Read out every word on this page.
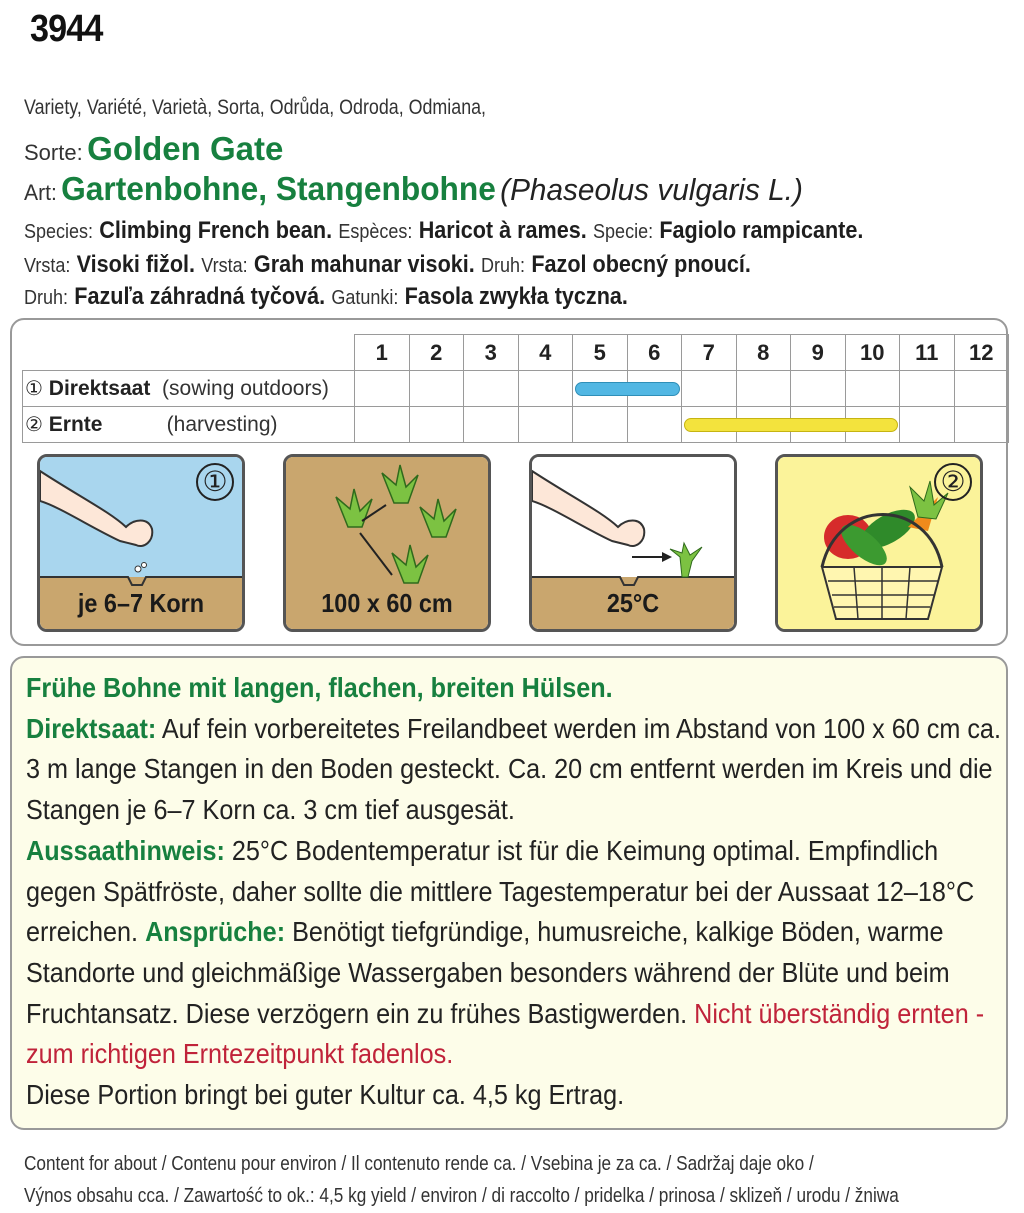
3944
Variety, Variété, Varietà, Sorta, Odrůda, Odroda, Odmiana,
Sorte: Golden Gate
Art: Gartenbohne, Stangenbohne (Phaseolus vulgaris L.)
Species: Climbing French bean. Espèces: Haricot à rames. Specie: Fagiolo rampicante.
Vrsta: Visoki fižol. Vrsta: Grah mahunar visoki. Druh: Fazol obecný pnoucí.
Druh: Fazuľa záhradná tyčová. Gatunki: Fasola zwykła tyczna.
	1	2	3	4	5	6	7	8	9	10	11	12
① Direktsaat (sowing outdoors)												
② Ernte (harvesting)												
①
je 6–7 Korn	100 x 60 cm	25°C
②
Frühe Bohne mit langen, flachen, breiten Hülsen.
Direktsaat: Auf fein vorbereitetes Freilandbeet werden im Abstand von 100 x 60 cm ca. 3 m lange Stangen in den Boden gesteckt. Ca. 20 cm entfernt werden im Kreis und die Stangen je 6–7 Korn ca. 3 cm tief ausgesät.
Aussaathinweis: 25°C Bodentemperatur ist für die Keimung optimal. Empfindlich gegen Spätfröste, daher sollte die mittlere Tagestemperatur bei der Aussaat 12–18°C erreichen. Ansprüche: Benötigt tiefgründige, humusreiche, kalkige Böden, warme Standorte und gleichmäßige Wassergaben besonders während der Blüte und beim Fruchtansatz. Diese verzögern ein zu frühes Bastigwerden. Nicht überständig ernten - zum richtigen Erntezeitpunkt fadenlos.
Diese Portion bringt bei guter Kultur ca. 4,5 kg Ertrag.
Content for about / Contenu pour environ / Il contenuto rende ca. / Vsebina je za ca. / Sadržaj daje oko /
Výnos obsahu cca. / Zawartość to ok.: 4,5 kg yield / environ / di raccolto / pridelka / prinosa / sklizeň / urodu / žniwa
